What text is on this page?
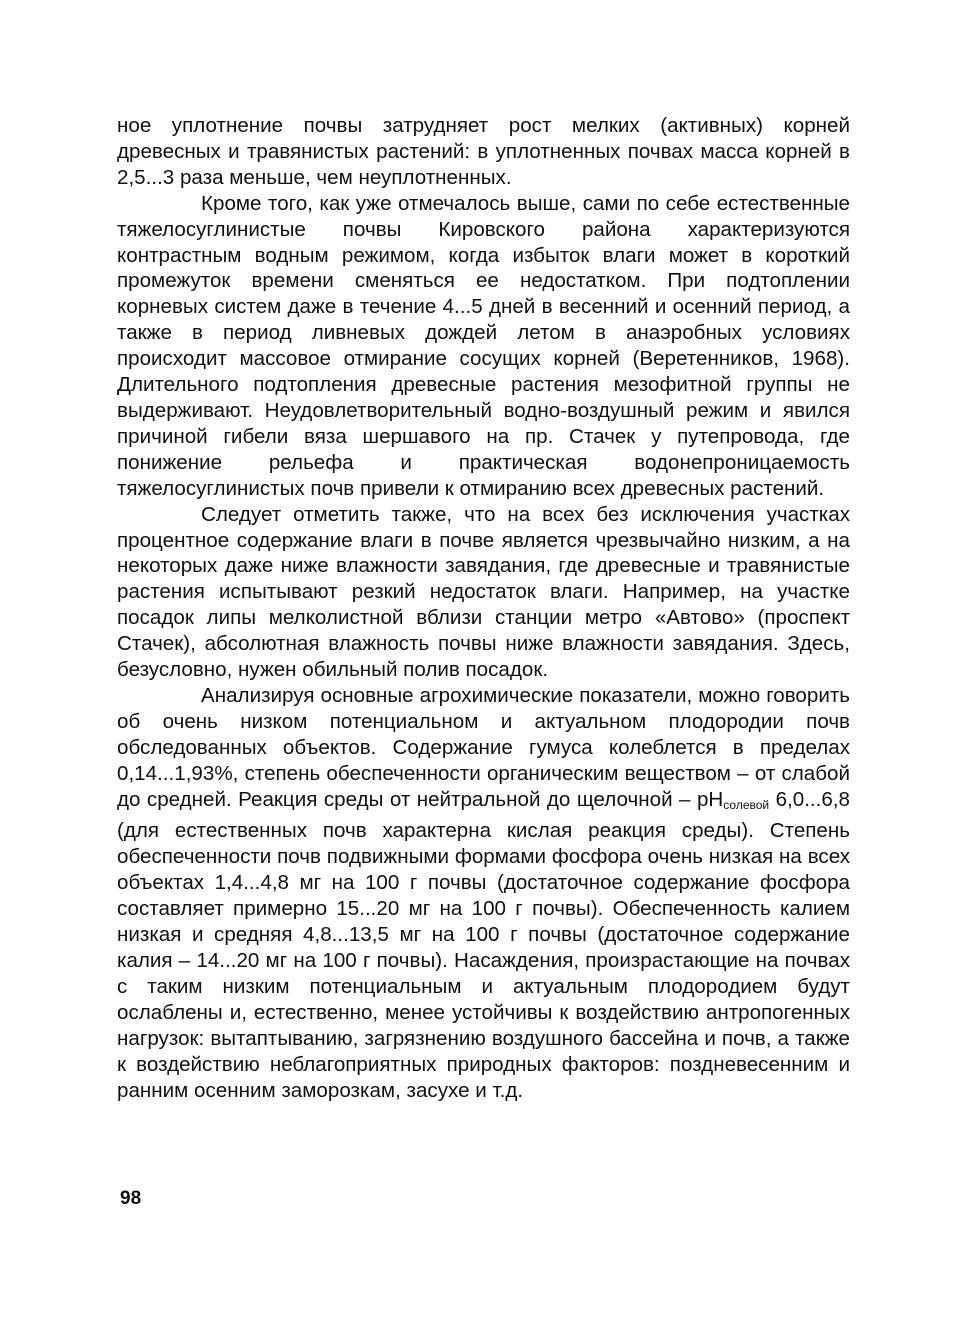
ное уплотнение почвы затрудняет рост мелких (активных) корней древесных и травянистых растений: в уплотненных почвах масса корней в 2,5...3 раза меньше, чем неуплотненных.

Кроме того, как уже отмечалось выше, сами по себе естественные тяжелосуглинистые почвы Кировского района характеризуются контрастным водным режимом, когда избыток влаги может в короткий промежуток времени сменяться ее недостатком. При подтоплении корневых систем даже в течение 4...5 дней в весенний и осенний период, а также в период ливневых дождей летом в анаэробных условиях происходит массовое отмирание сосущих корней (Веретенников, 1968). Длительного подтопления древесные растения мезофитной группы не выдерживают. Неудовлетворительный водно-воздушный режим и явился причиной гибели вяза шершавого на пр. Стачек у путепровода, где понижение рельефа и практическая водонепроницаемость тяжелосуглинистых почв привели к отмиранию всех древесных растений.

Следует отметить также, что на всех без исключения участках процентное содержание влаги в почве является чрезвычайно низким, а на некоторых даже ниже влажности завядания, где древесные и травянистые растения испытывают резкий недостаток влаги. Например, на участке посадок липы мелколистной вблизи станции метро «Автово» (проспект Стачек), абсолютная влажность почвы ниже влажности завядания. Здесь, безусловно, нужен обильный полив посадок.

Анализируя основные агрохимические показатели, можно говорить об очень низком потенциальном и актуальном плодородии почв обследованных объектов. Содержание гумуса колеблется в пределах 0,14...1,93%, степень обеспеченности органическим веществом – от слабой до средней. Реакция среды от нейтральной до щелочной – $pH_{солевой}$ 6,0...6,8 (для естественных почв характерна кислая реакция среды). Степень обеспеченности почв подвижными формами фосфора очень низкая на всех объектах 1,4...4,8 мг на 100 г почвы (достаточное содержание фосфора составляет примерно 15...20 мг на 100 г почвы). Обеспеченность калием низкая и средняя 4,8...13,5 мг на 100 г почвы (достаточное содержание калия – 14...20 мг на 100 г почвы). Насаждения, произрастающие на почвах с таким низким потенциальным и актуальным плодородием будут ослаблены и, естественно, менее устойчивы к воздействию антропогенных нагрузок: вытаптыванию, загрязнению воздушного бассейна и почв, а также к воздействию неблагоприятных природных факторов: поздневесенним и ранним осенним заморозкам, засухе и т.д.

98
